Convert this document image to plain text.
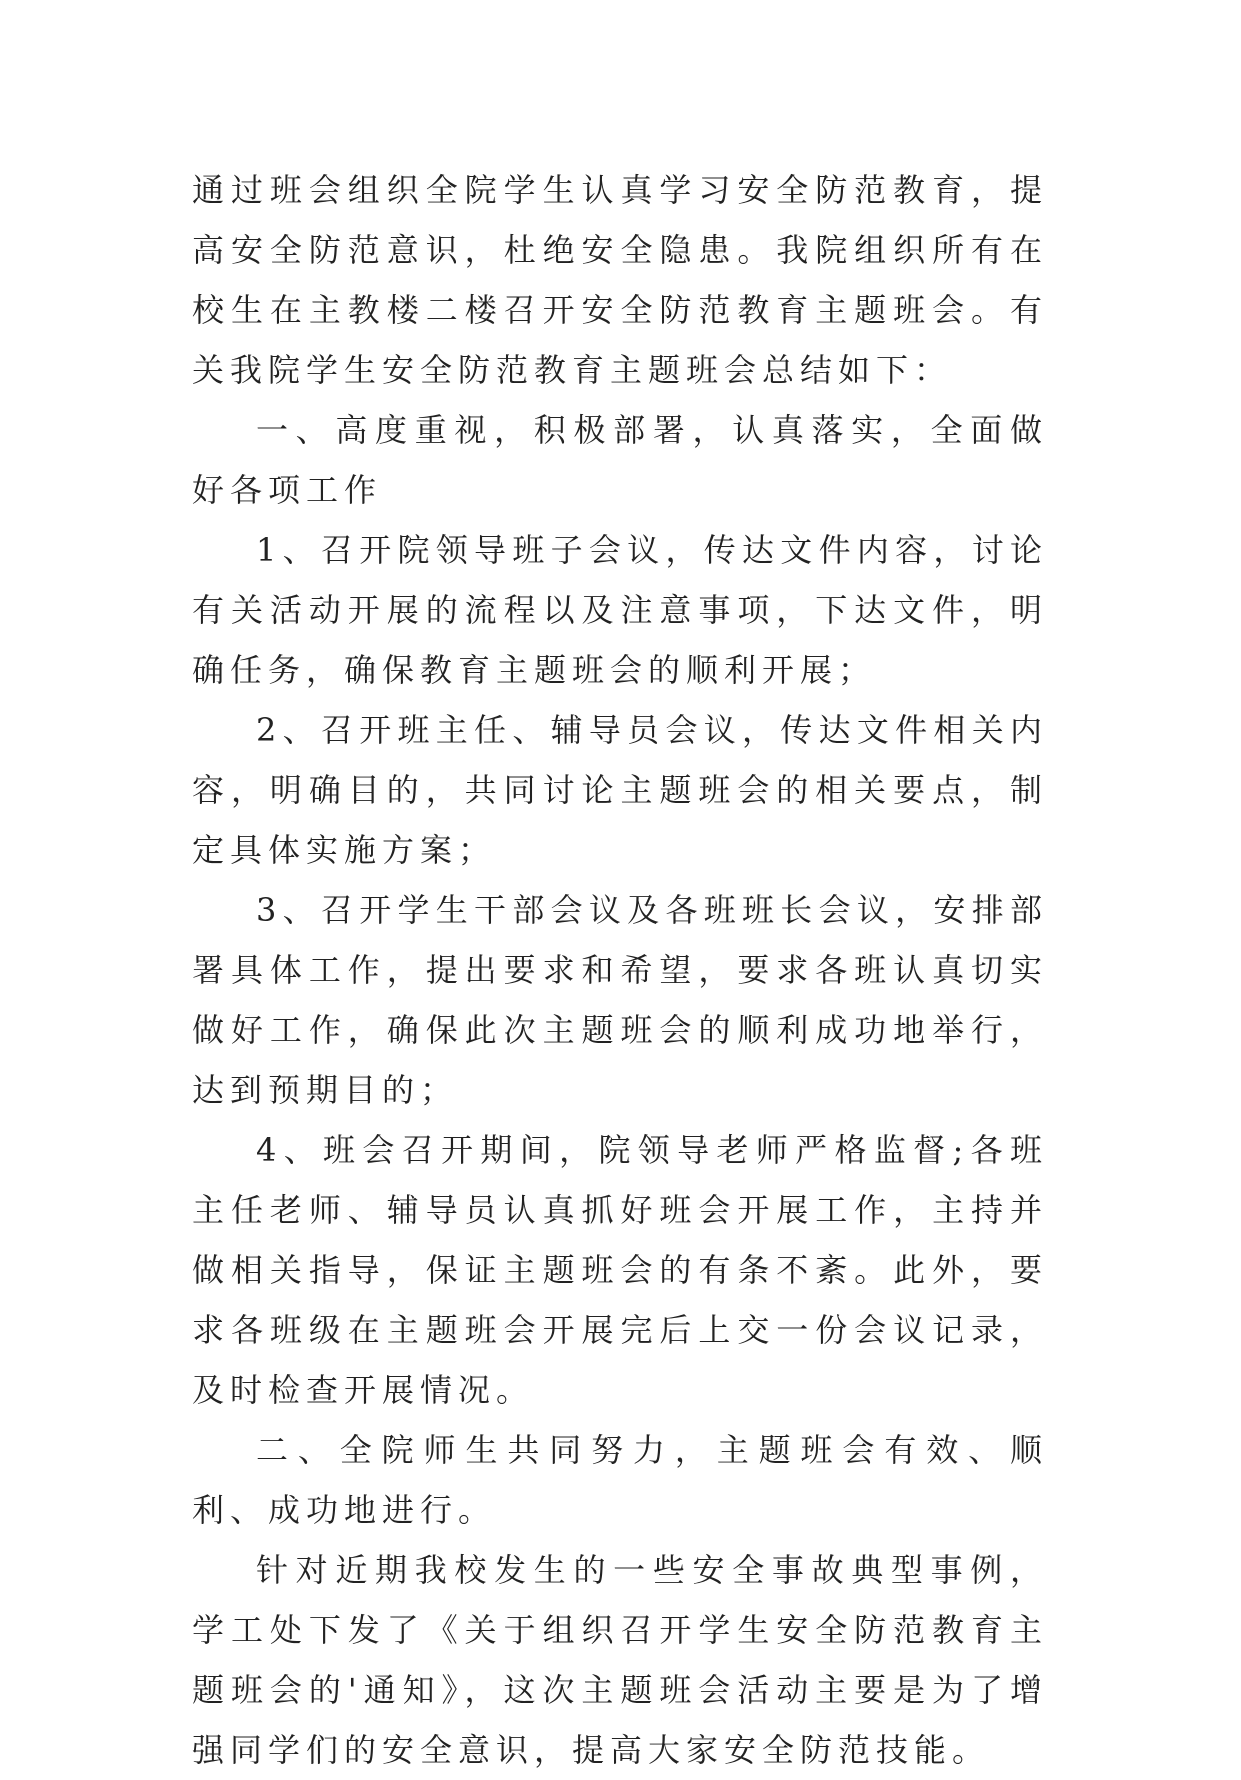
通过班会组织全院学生认真学习安全防范教育，提高安全防范意识，杜绝安全隐患。我院组织所有在校生在主教楼二楼召开安全防范教育主题班会。有关我院学生安全防范教育主题班会总结如下：

一、高度重视，积极部署，认真落实，全面做好各项工作

1、召开院领导班子会议，传达文件内容，讨论有关活动开展的流程以及注意事项，下达文件，明确任务，确保教育主题班会的顺利开展；

2、召开班主任、辅导员会议，传达文件相关内容，明确目的，共同讨论主题班会的相关要点，制定具体实施方案；

3、召开学生干部会议及各班班长会议，安排部署具体工作，提出要求和希望，要求各班认真切实做好工作，确保此次主题班会的顺利成功地举行，达到预期目的；

4、班会召开期间，院领导老师严格监督;各班主任老师、辅导员认真抓好班会开展工作，主持并做相关指导，保证主题班会的有条不紊。此外，要求各班级在主题班会开展完后上交一份会议记录，及时检查开展情况。

二、全院师生共同努力，主题班会有效、顺利、成功地进行。

针对近期我校发生的一些安全事故典型事例，学工处下发了《关于组织召开学生安全防范教育主题班会的'通知》，这次主题班会活动主要是为了增强同学们的安全意识，提高大家安全防范技能。
